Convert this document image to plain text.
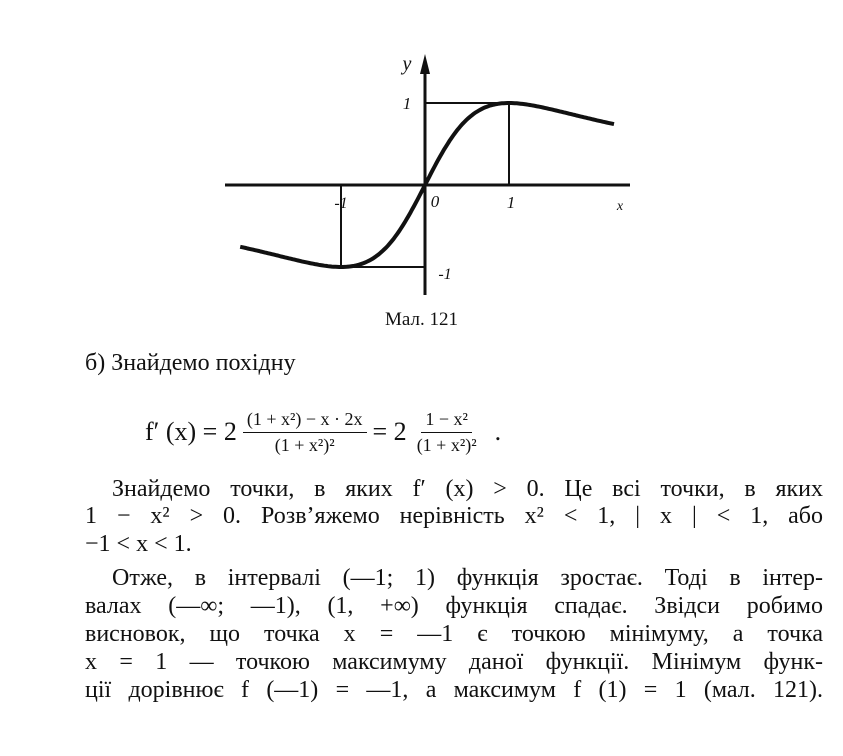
y
x
1
-1
-1	0	1
Мал. 121
б) Знайдемо похідну
f′ $(x) = 2 \frac{\text{(1 + x²) − x · 2x}}{\text{(1 + x²)²}} = 2 \frac{\text{1 − x²}}{\text{(1 + x²)²}}$ .
Знайдемо точки, в яких f′ (x) > 0. Це всі точки, в яких
1 − x² > 0. Розв’яжемо нерівність x² < 1, | x | < 1, або
−1 < x < 1.
Отже, в інтервалі (—1; 1) функція зростає. Тоді в інтер-
валах (—∞; —1), (1, +∞) функція спадає. Звідси робимо
висновок, що точка x = —1 є точкою мінімуму, а точка
x = 1 — точкою максимуму даної функції. Мінімум функ-
ції дорівнює f (—1) = —1, а максимум f (1) = 1 (мал. 121).
